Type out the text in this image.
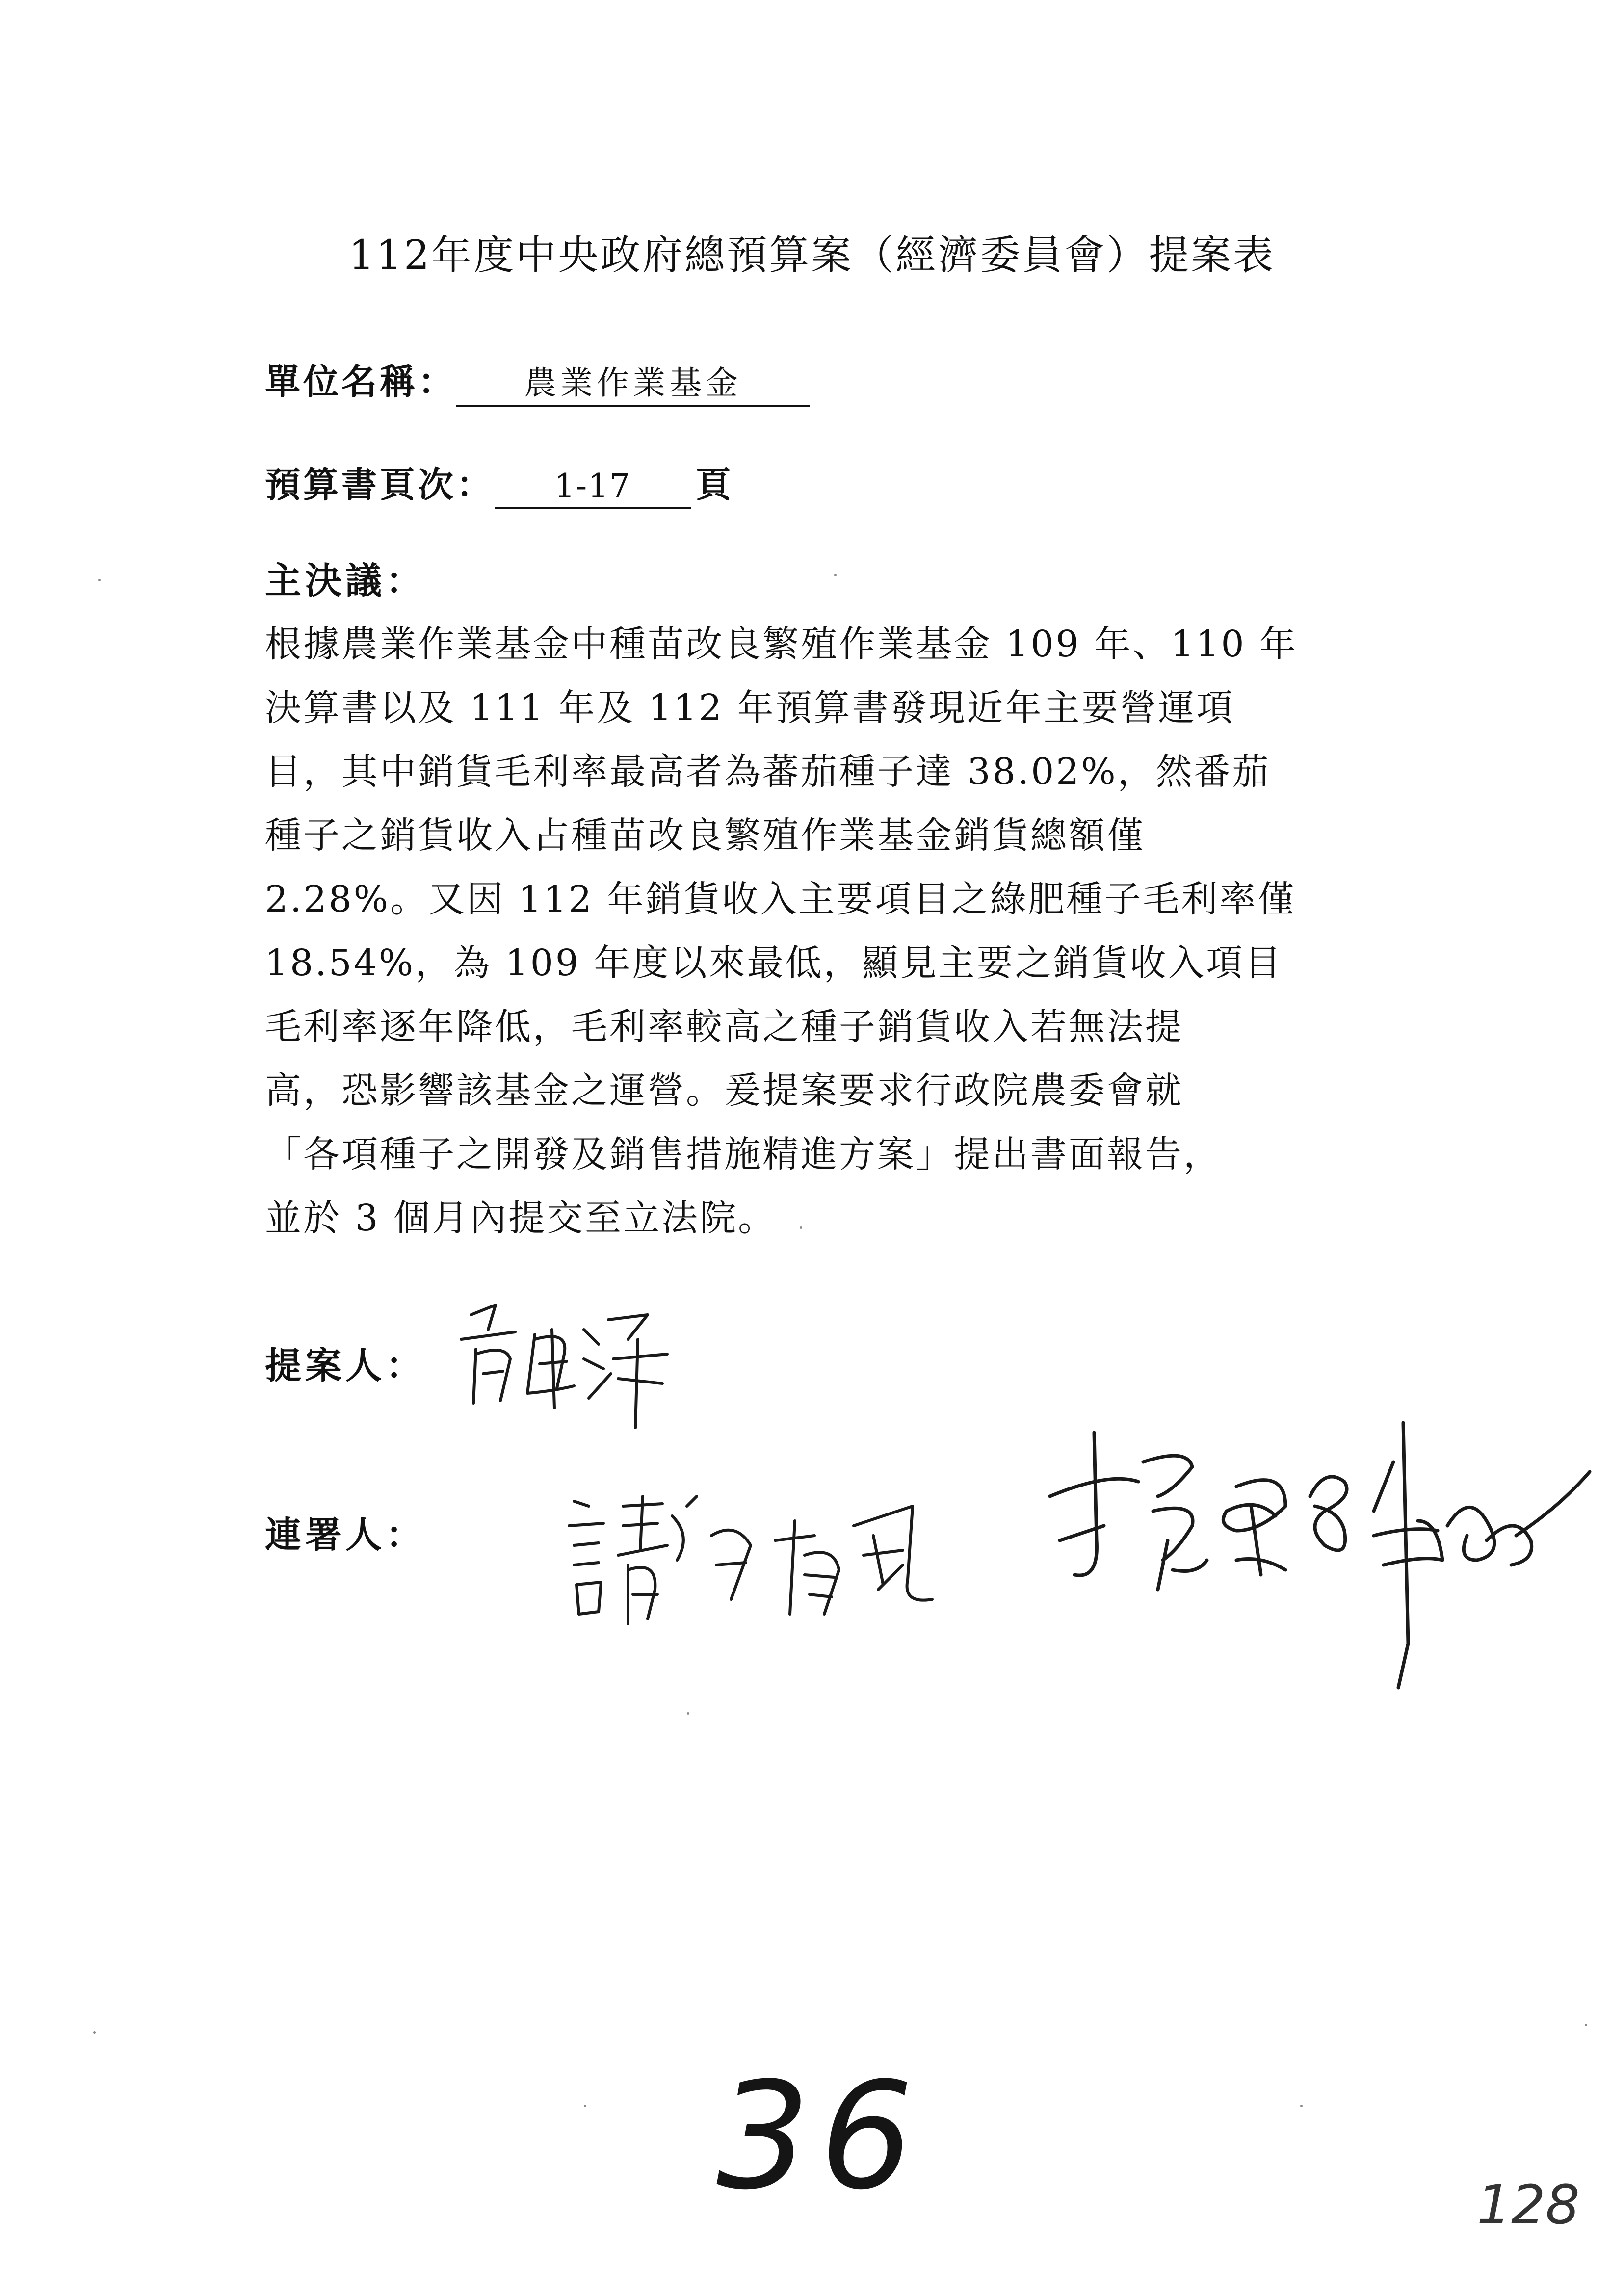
112年度中央政府總預算案（經濟委員會）提案表
單位名稱： 農業作業基金
預算書頁次： 1-17 頁
主決議：
根據農業作業基金中種苗改良繁殖作業基金 109 年、110 年
決算書以及 111 年及 112 年預算書發現近年主要營運項
目，其中銷貨毛利率最高者為蕃茄種子達 38.02%，然番茄
種子之銷貨收入占種苗改良繁殖作業基金銷貨總額僅
2.28%。又因 112 年銷貨收入主要項目之綠肥種子毛利率僅
18.54%，為 109 年度以來最低，顯見主要之銷貨收入項目
毛利率逐年降低，毛利率較高之種子銷貨收入若無法提
高，恐影響該基金之運營。爰提案要求行政院農委會就
「各項種子之開發及銷售措施精進方案」提出書面報告，
並於 3 個月內提交至立法院。
提案人：
連署人：
36	128
